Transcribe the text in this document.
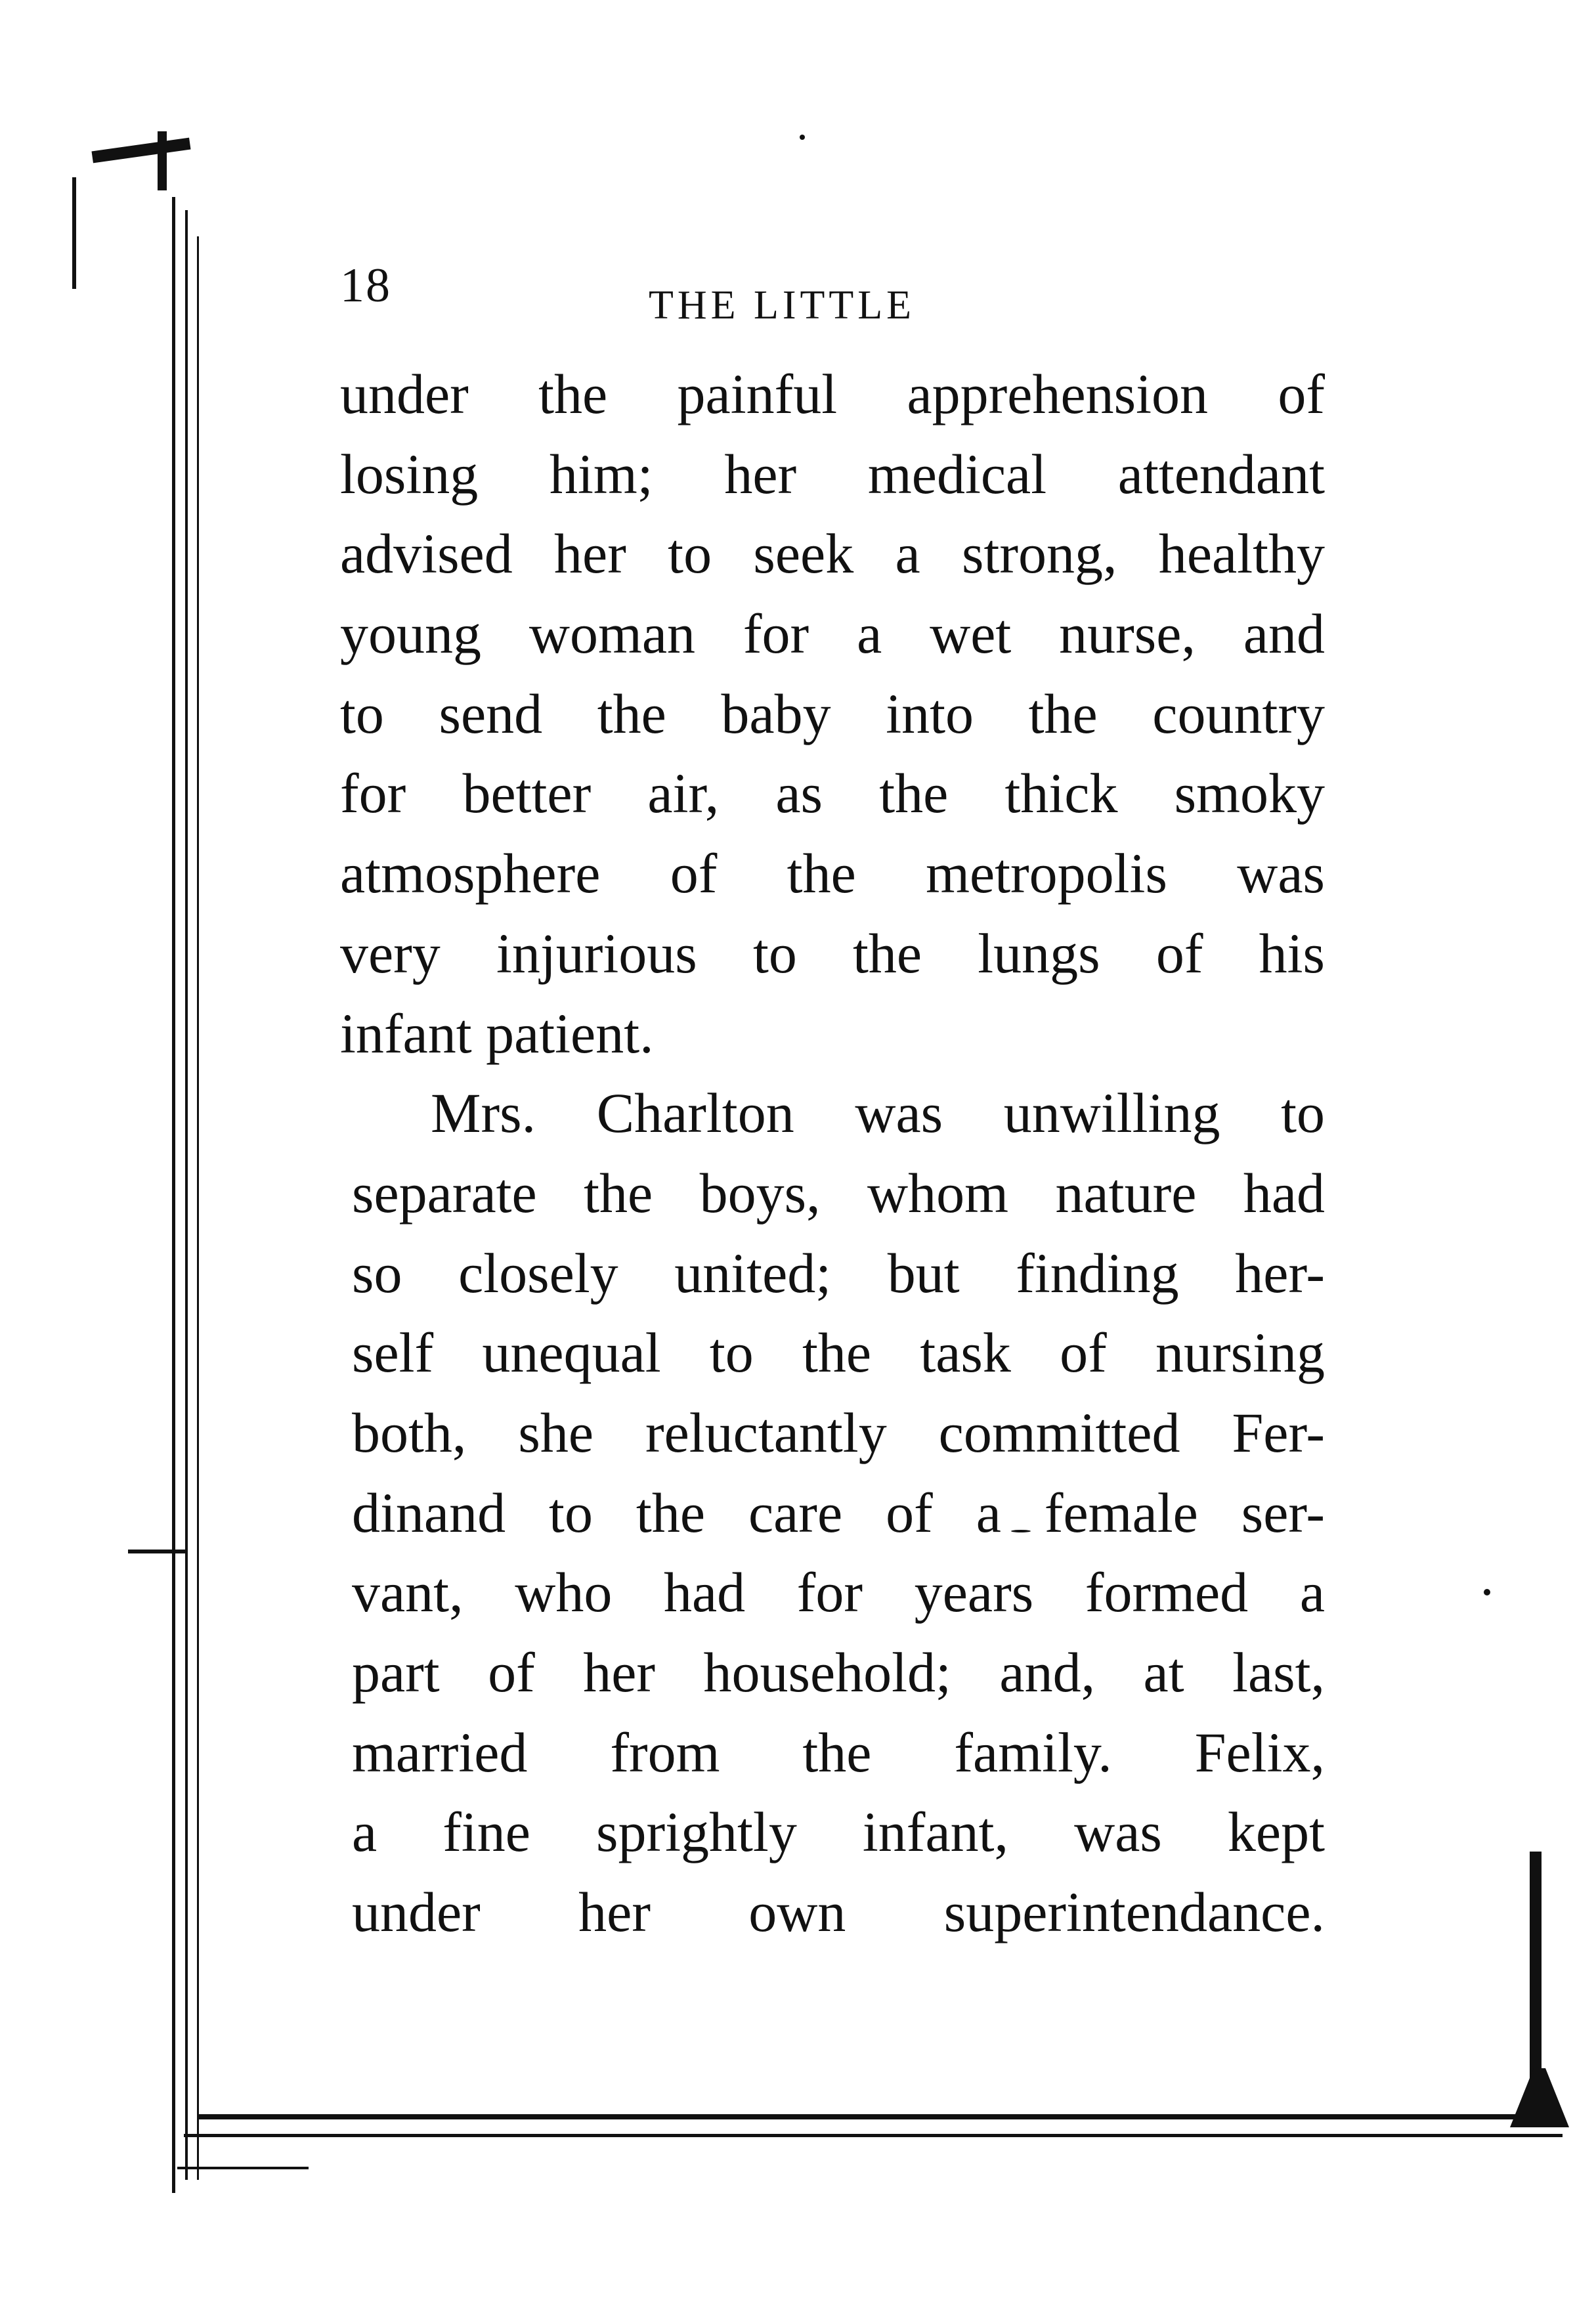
18	THE LITTLE
under the painful apprehension of
losing him; her medical attendant
advised her to seek a strong, healthy
young woman for a wet nurse, and
to send the baby into the country
for better air, as the thick smoky
atmosphere of the metropolis was
very injurious to the lungs of his
infant patient.
Mrs. Charlton was unwilling to
separate the boys, whom nature had
so closely united; but finding her-
self unequal to the task of nursing
both, she reluctantly committed Fer-
dinand to the care of a female ser-
vant, who had for years formed a
part of her household; and, at last,
married from the family. Felix,
a fine sprightly infant, was kept
under her own superintendance.
